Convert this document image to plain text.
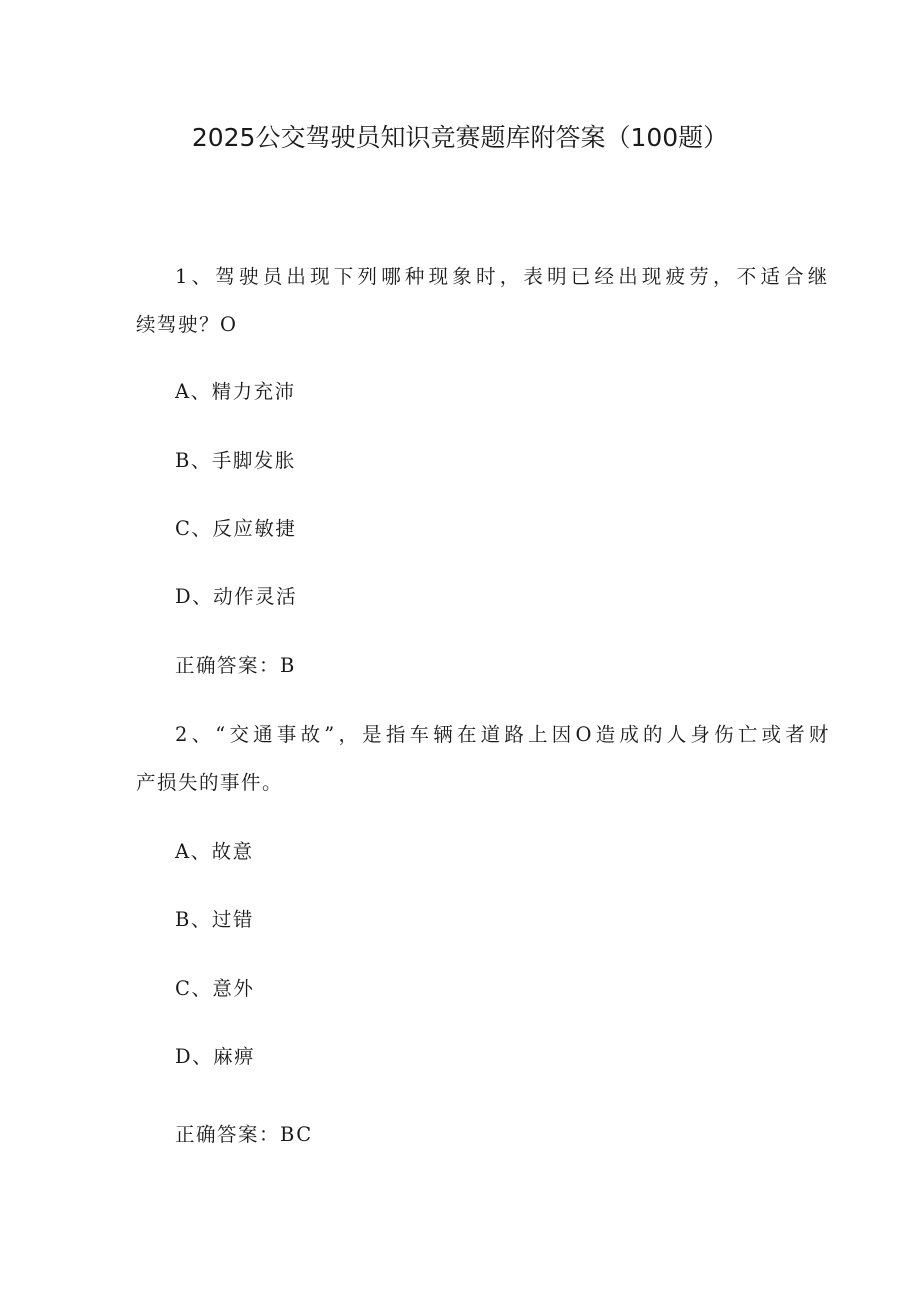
2025公交驾驶员知识竞赛题库附答案（100题）
1、驾驶员出现下列哪种现象时，表明已经出现疲劳，不适合继
续驾驶？O
A、精力充沛
B、手脚发胀
C、反应敏捷
D、动作灵活
正确答案：B
2、“交通事故”，是指车辆在道路上因O造成的人身伤亡或者财
产损失的事件。
A、故意
B、过错
C、意外
D、麻痹
正确答案：BC
